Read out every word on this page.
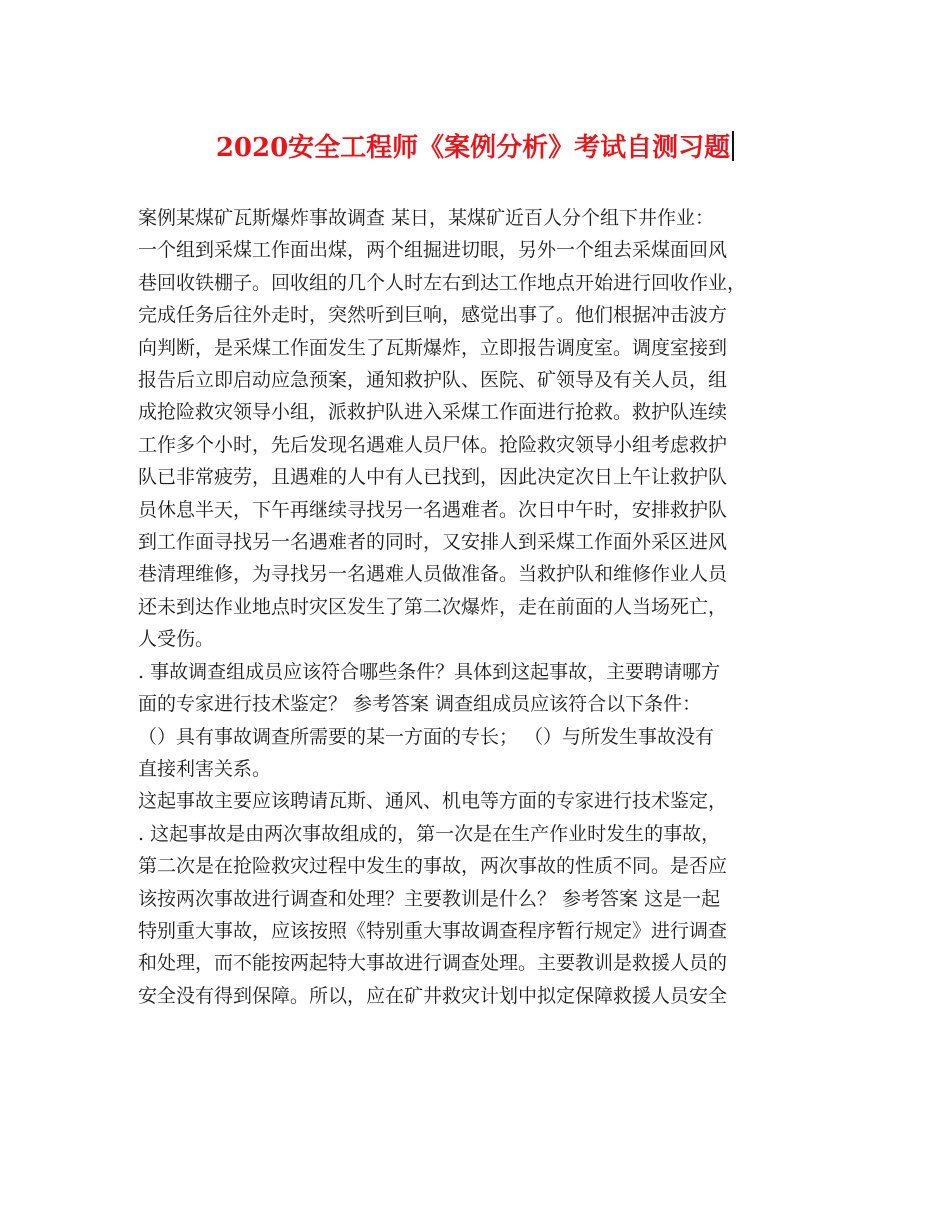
2020安全工程师《案例分析》考试自测习题

案例某煤矿瓦斯爆炸事故调查 某日，某煤矿近百人分个组下井作业：

一个组到采煤工作面出煤，两个组掘进切眼，另外一个组去采煤面回风

巷回收铁棚子。回收组的几个人时左右到达工作地点开始进行回收作业，

完成任务后往外走时，突然听到巨响，感觉出事了。他们根据冲击波方

向判断，是采煤工作面发生了瓦斯爆炸，立即报告调度室。调度室接到

报告后立即启动应急预案，通知救护队、医院、矿领导及有关人员，组

成抢险救灾领导小组，派救护队进入采煤工作面进行抢救。救护队连续

工作多个小时，先后发现名遇难人员尸体。抢险救灾领导小组考虑救护

队已非常疲劳，且遇难的人中有人已找到，因此决定次日上午让救护队

员休息半天，下午再继续寻找另一名遇难者。次日中午时，安排救护队

到工作面寻找另一名遇难者的同时，又安排人到采煤工作面外采区进风

巷清理维修，为寻找另一名遇难人员做准备。当救护队和维修作业人员

还未到达作业地点时灾区发生了第二次爆炸，走在前面的人当场死亡，

人受伤。

. 事故调查组成员应该符合哪些条件？具体到这起事故，主要聘请哪方

面的专家进行技术鉴定？ 参考答案 调查组成员应该符合以下条件：

（）具有事故调查所需要的某一方面的专长； （）与所发生事故没有

直接利害关系。

这起事故主要应该聘请瓦斯、通风、机电等方面的专家进行技术鉴定，

. 这起事故是由两次事故组成的，第一次是在生产作业时发生的事故，

第二次是在抢险救灾过程中发生的事故，两次事故的性质不同。是否应

该按两次事故进行调查和处理？主要教训是什么？ 参考答案 这是一起

特别重大事故，应该按照《特别重大事故调查程序暂行规定》进行调查

和处理，而不能按两起特大事故进行调查处理。主要教训是救援人员的

安全没有得到保障。所以，应在矿井救灾计划中拟定保障救援人员安全
